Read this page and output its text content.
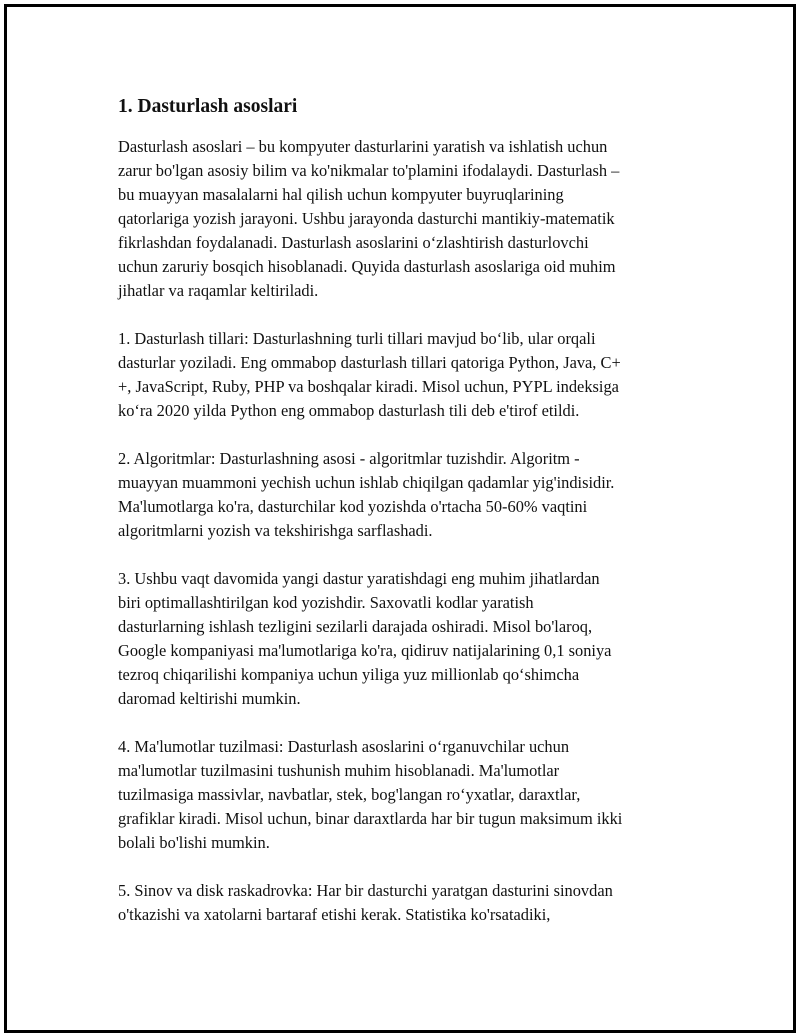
1. Dasturlash asoslari

Dasturlash asoslari – bu kompyuter dasturlarini yaratish va ishlatish uchun
zarur bo'lgan asosiy bilim va ko'nikmalar to'plamini ifodalaydi. Dasturlash –
bu muayyan masalalarni hal qilish uchun kompyuter buyruqlarining
qatorlariga yozish jarayoni. Ushbu jarayonda dasturchi mantikiy-matematik
fikrlashdan foydalanadi. Dasturlash asoslarini oʻzlashtirish dasturlovchi
uchun zaruriy bosqich hisoblanadi. Quyida dasturlash asoslariga oid muhim
jihatlar va raqamlar keltiriladi.

1. Dasturlash tillari: Dasturlashning turli tillari mavjud boʻlib, ular orqali
dasturlar yoziladi. Eng ommabop dasturlash tillari qatoriga Python, Java, C+
+, JavaScript, Ruby, PHP va boshqalar kiradi. Misol uchun, PYPL indeksiga
koʻra 2020 yilda Python eng ommabop dasturlash tili deb e'tirof etildi.

2. Algoritmlar: Dasturlashning asosi - algoritmlar tuzishdir. Algoritm -
muayyan muammoni yechish uchun ishlab chiqilgan qadamlar yig'indisidir.
Ma'lumotlarga ko'ra, dasturchilar kod yozishda o'rtacha 50-60% vaqtini
algoritmlarni yozish va tekshirishga sarflashadi.

3. Ushbu vaqt davomida yangi dastur yaratishdagi eng muhim jihatlardan
biri optimallashtirilgan kod yozishdir. Saxovatli kodlar yaratish
dasturlarning ishlash tezligini sezilarli darajada oshiradi. Misol bo'laroq,
Google kompaniyasi ma'lumotlariga ko'ra, qidiruv natijalarining 0,1 soniya
tezroq chiqarilishi kompaniya uchun yiliga yuz millionlab qoʻshimcha
daromad keltirishi mumkin.

4. Ma'lumotlar tuzilmasi: Dasturlash asoslarini oʻrganuvchilar uchun
ma'lumotlar tuzilmasini tushunish muhim hisoblanadi. Ma'lumotlar
tuzilmasiga massivlar, navbatlar, stek, bog'langan roʻyxatlar, daraxtlar,
grafiklar kiradi. Misol uchun, binar daraxtlarda har bir tugun maksimum ikki
bolali bo'lishi mumkin.

5. Sinov va disk raskadrovka: Har bir dasturchi yaratgan dasturini sinovdan
o'tkazishi va xatolarni bartaraf etishi kerak. Statistika ko'rsatadiki,
